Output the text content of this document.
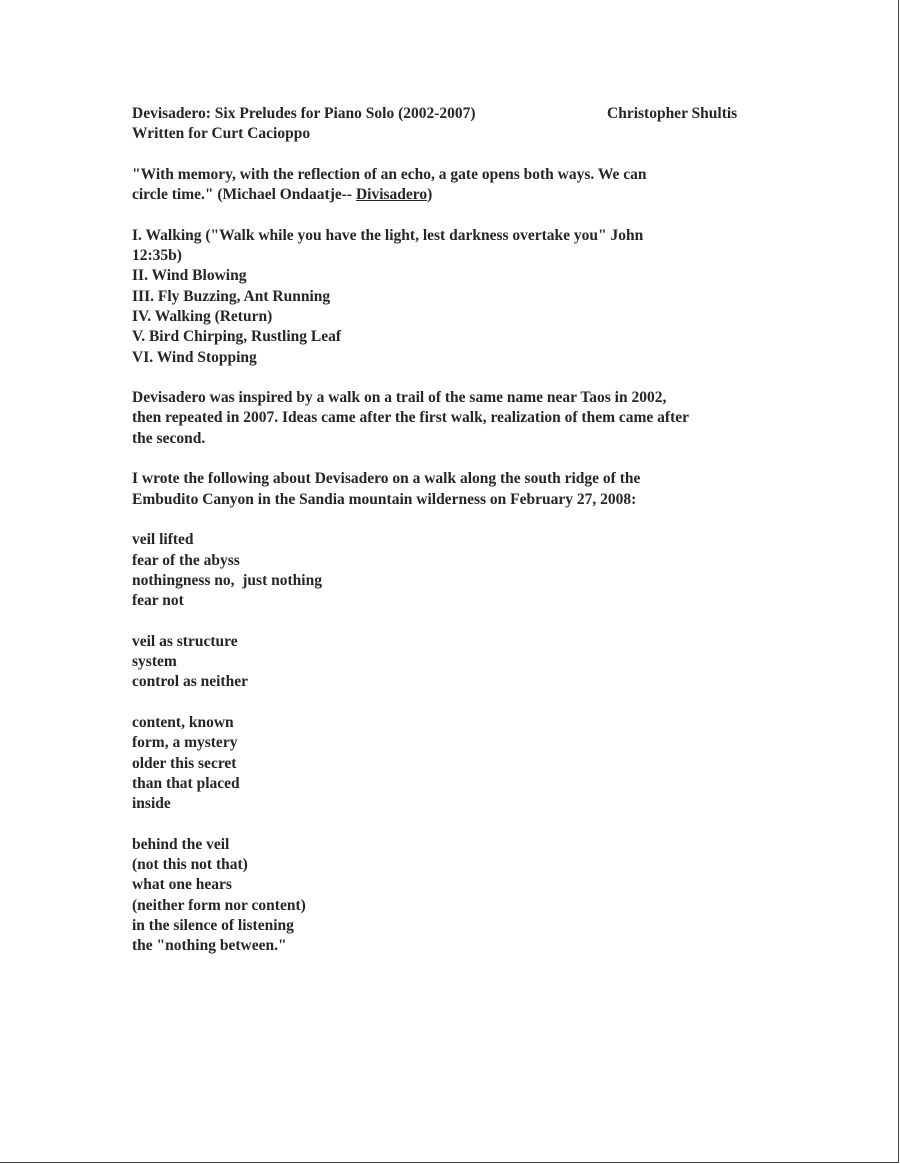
Devisadero: Six Preludes for Piano Solo (2002-2007)	Christopher Shultis
Written for Curt Cacioppo
"With memory, with the reflection of an echo, a gate opens both ways. We can
circle time." (Michael Ondaatje-- Divisadero)
I. Walking ("Walk while you have the light, lest darkness overtake you" John
12:35b)
II. Wind Blowing
III. Fly Buzzing, Ant Running
IV. Walking (Return)
V. Bird Chirping, Rustling Leaf
VI. Wind Stopping
Devisadero was inspired by a walk on a trail of the same name near Taos in 2002,
then repeated in 2007. Ideas came after the first walk, realization of them came after
the second.
I wrote the following about Devisadero on a walk along the south ridge of the
Embudito Canyon in the Sandia mountain wilderness on February 27, 2008:
veil lifted
fear of the abyss
nothingness no,  just nothing
fear not
veil as structure
system
control as neither
content, known
form, a mystery
older this secret
than that placed
inside
behind the veil
(not this not that)
what one hears
(neither form nor content)
in the silence of listening
the "nothing between."
